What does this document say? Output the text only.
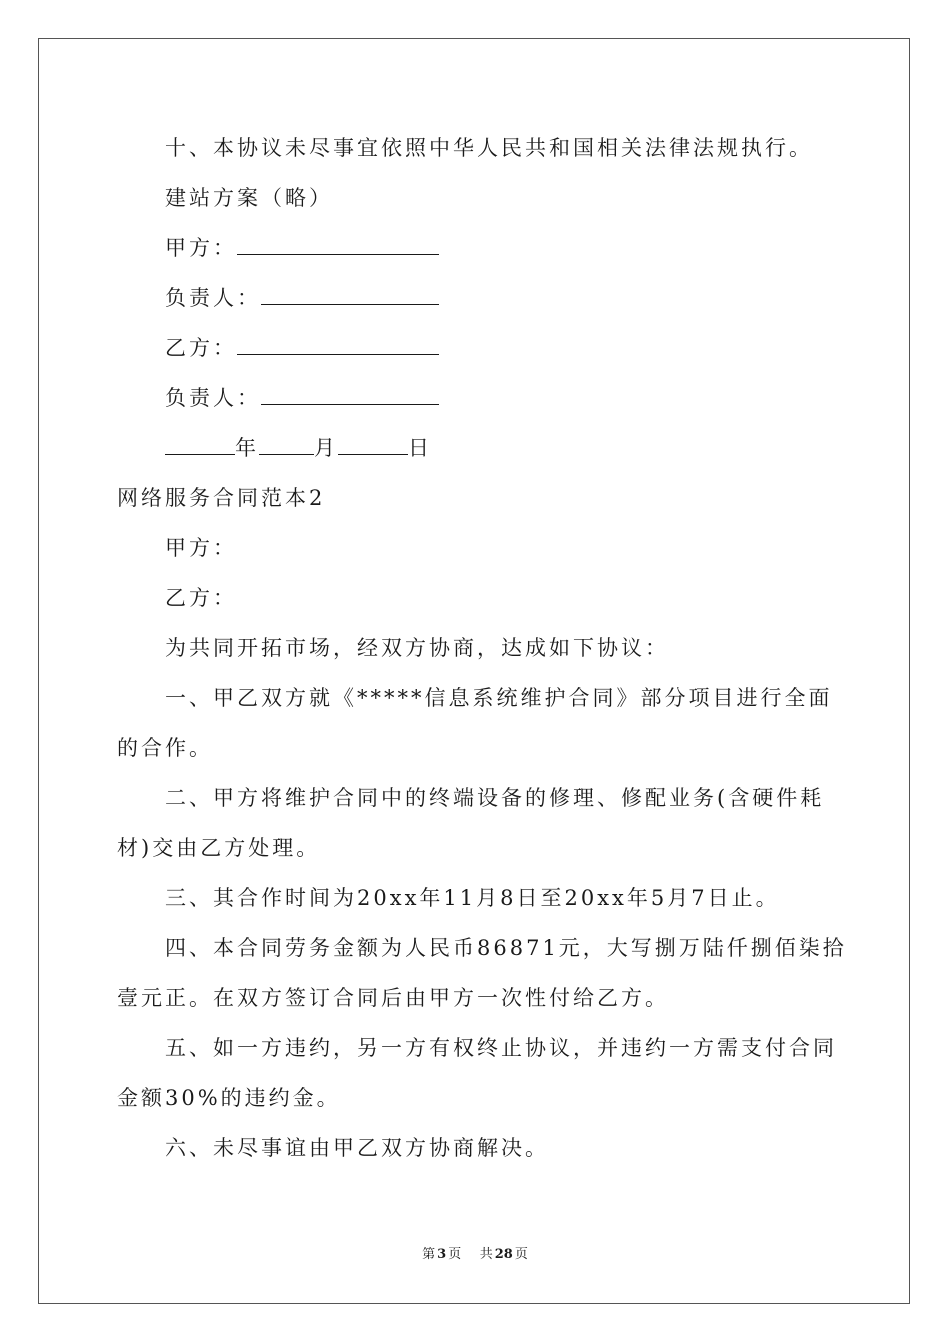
十、本协议未尽事宜依照中华人民共和国相关法律法规执行。
建站方案（略）
甲方：
负责人：
乙方：
负责人：
年	月	日
网络服务合同范本2
甲方：
乙方：
为共同开拓市场，经双方协商，达成如下协议：
一、甲乙双方就《*****信息系统维护合同》部分项目进行全面
的合作。
二、甲方将维护合同中的终端设备的修理、修配业务(含硬件耗
材)交由乙方处理。
三、其合作时间为20xx年11月8日至20xx年5月7日止。
四、本合同劳务金额为人民币86871元，大写捌万陆仟捌佰柒拾
壹元正。在双方签订合同后由甲方一次性付给乙方。
五、如一方违约，另一方有权终止协议，并违约一方需支付合同
金额30%的违约金。
六、未尽事谊由甲乙双方协商解决。
第 3 页 共 28 页
